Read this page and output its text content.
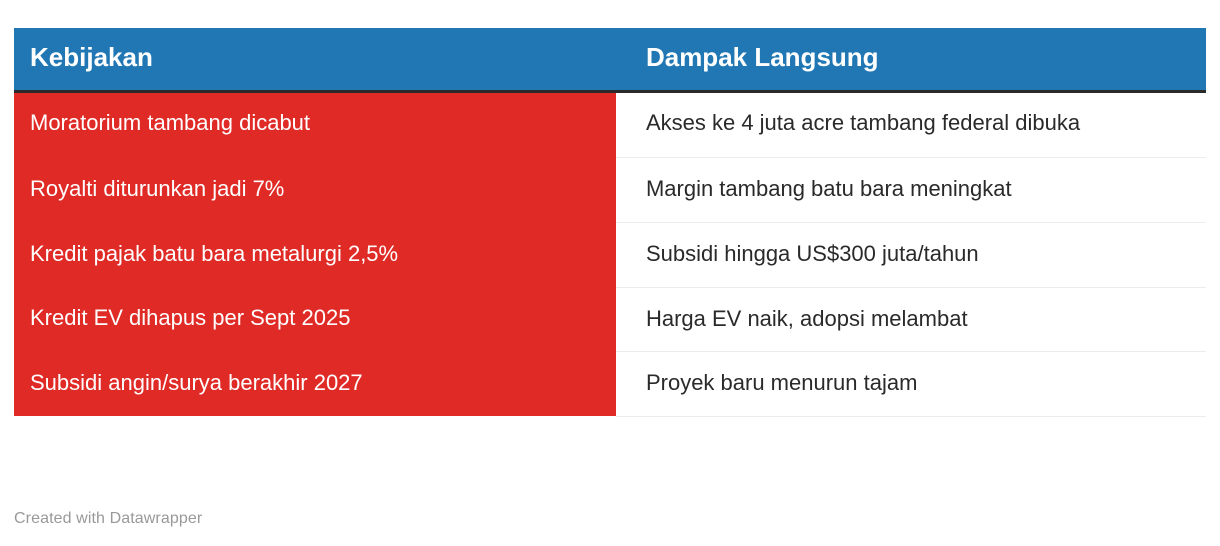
Kebijakan	Dampak Langsung
Moratorium tambang dicabut	Akses ke 4 juta acre tambang federal dibuka
Royalti diturunkan jadi 7%	Margin tambang batu bara meningkat
Kredit pajak batu bara metalurgi 2,5%	Subsidi hingga US$300 juta/tahun
Kredit EV dihapus per Sept 2025	Harga EV naik, adopsi melambat
Subsidi angin/surya berakhir 2027	Proyek baru menurun tajam
Created with Datawrapper
